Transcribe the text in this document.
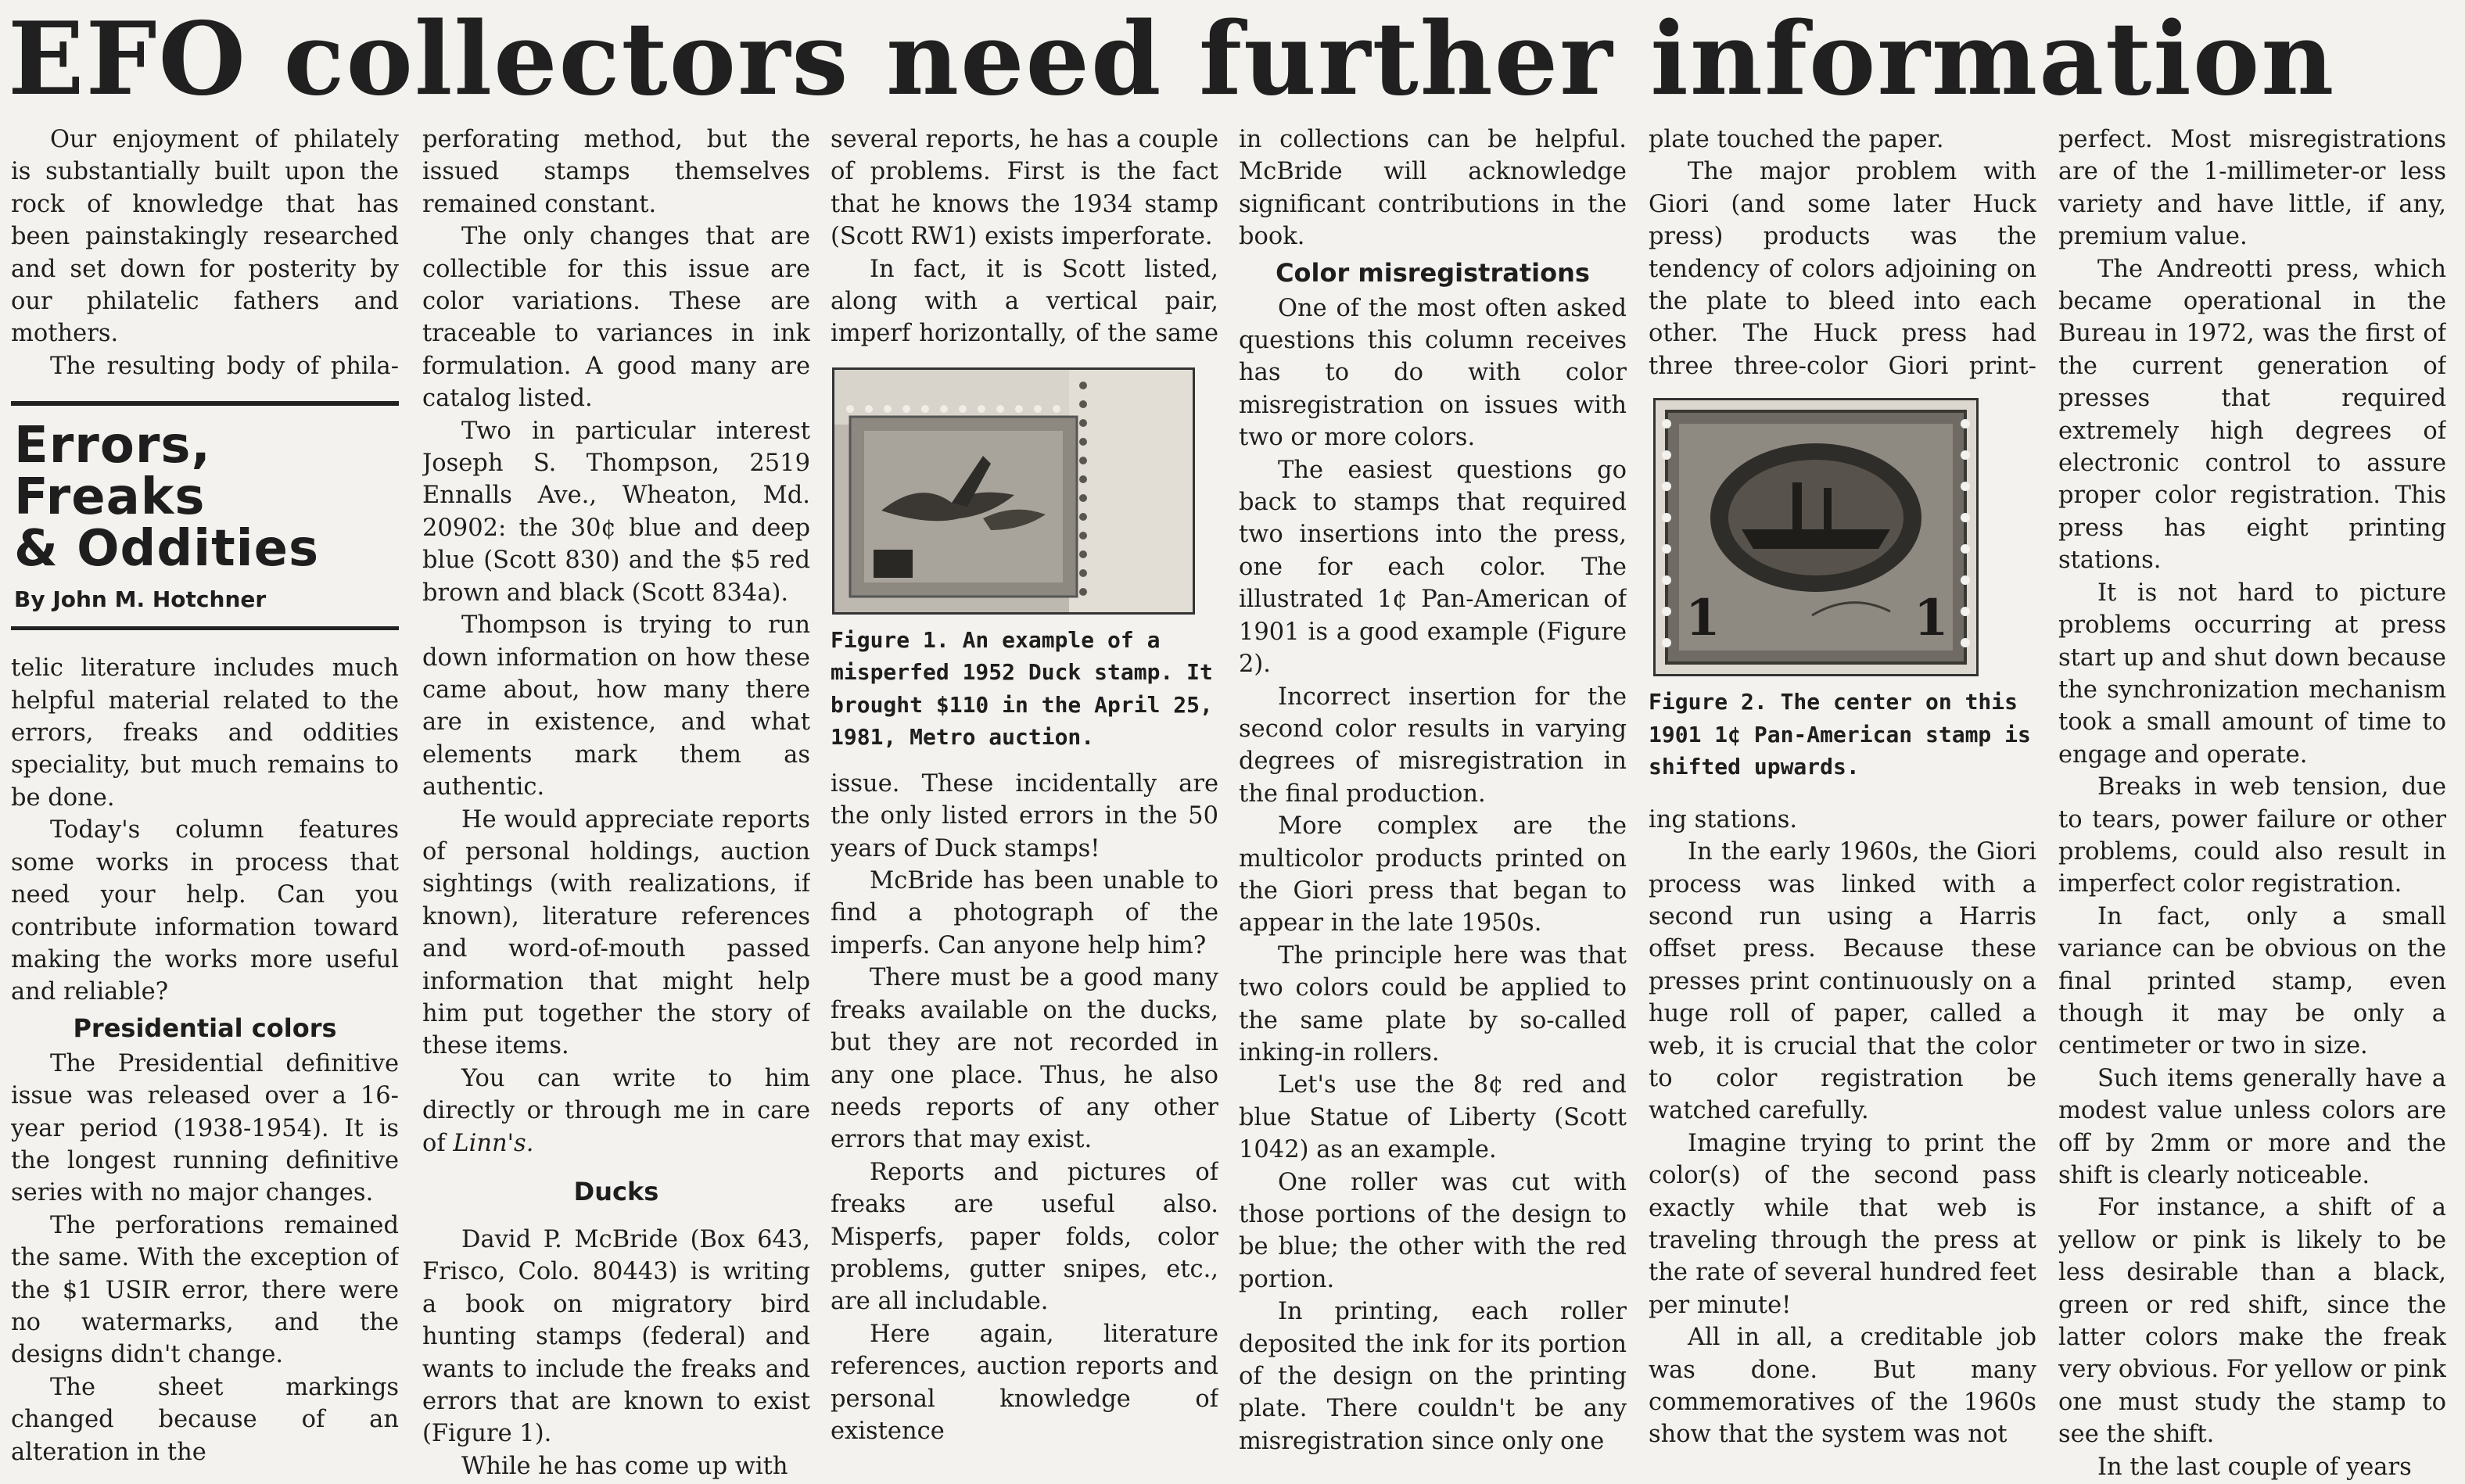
EFO collectors need further information

Our enjoyment of philately is substantially built upon the rock of knowledge that has been painstakingly researched and set down for posterity by our philatelic fathers and mothers.

The resulting body of phila-

Errors,
Freaks
& Oddities
By John M. Hotchner

telic literature includes much helpful material related to the errors, freaks and oddities speciality, but much remains to be done.

Today's column features some works in process that need your help. Can you contribute information toward making the works more useful and reliable?

Presidential colors

The Presidential definitive issue was released over a 16-year period (1938-1954). It is the longest running definitive series with no major changes.

The perforations remained the same. With the exception of the $1 USIR error, there were no watermarks, and the designs didn't change.

The sheet markings changed because of an alteration in the

perforating method, but the issued stamps themselves remained constant.

The only changes that are collectible for this issue are color variations. These are traceable to variances in ink formulation. A good many are catalog listed.

Two in particular interest Joseph S. Thompson, 2519 Ennalls Ave., Wheaton, Md. 20902: the 30¢ blue and deep blue (Scott 830) and the $5 red brown and black (Scott 834a).

Thompson is trying to run down information on how these came about, how many there are in existence, and what elements mark them as authentic.

He would appreciate reports of personal holdings, auction sightings (with realizations, if known), literature references and word-of-mouth passed information that might help him put together the story of these items.

You can write to him directly or through me in care of Linn's.

Ducks

David P. McBride (Box 643, Frisco, Colo. 80443) is writing a book on migratory bird hunting stamps (federal) and wants to include the freaks and errors that are known to exist (Figure 1).

While he has come up with

several reports, he has a couple of problems. First is the fact that he knows the 1934 stamp (Scott RW1) exists imperforate.

In fact, it is Scott listed, along with a vertical pair, imperf horizontally, of the same

Figure 1. An example of a misperfed 1952 Duck stamp. It brought $110 in the April 25, 1981, Metro auction.

issue. These incidentally are the only listed errors in the 50 years of Duck stamps!

McBride has been unable to find a photograph of the imperfs. Can anyone help him?

There must be a good many freaks available on the ducks, but they are not recorded in any one place. Thus, he also needs reports of any other errors that may exist.

Reports and pictures of freaks are useful also. Misperfs, paper folds, color problems, gutter snipes, etc., are all includable.

Here again, literature references, auction reports and personal knowledge of existence

in collections can be helpful. McBride will acknowledge significant contributions in the book.

Color misregistrations

One of the most often asked questions this column receives has to do with color misregistration on issues with two or more colors.

The easiest questions go back to stamps that required two insertions into the press, one for each color. The illustrated 1¢ Pan-American of 1901 is a good example (Figure 2).

Incorrect insertion for the second color results in varying degrees of misregistration in the final production.

More complex are the multicolor products printed on the Giori press that began to appear in the late 1950s.

The principle here was that two colors could be applied to the same plate by so-called inking-in rollers.

Let's use the 8¢ red and blue Statue of Liberty (Scott 1042) as an example.

One roller was cut with those portions of the design to be blue; the other with the red portion.

In printing, each roller deposited the ink for its portion of the design on the printing plate. There couldn't be any misregistration since only one

plate touched the paper.

The major problem with Giori (and some later Huck press) products was the tendency of colors adjoining on the plate to bleed into each other. The Huck press had three three-color Giori print-

1	1
Figure 2. The center on this 1901 1¢ Pan-American stamp is shifted upwards.

ing stations.

In the early 1960s, the Giori process was linked with a second run using a Harris offset press. Because these presses print continuously on a huge roll of paper, called a web, it is crucial that the color to color registration be watched carefully.

Imagine trying to print the color(s) of the second pass exactly while that web is traveling through the press at the rate of several hundred feet per minute!

All in all, a creditable job was done. But many commemoratives of the 1960s show that the system was not

perfect. Most misregistrations are of the 1-millimeter-or less variety and have little, if any, premium value.

The Andreotti press, which became operational in the Bureau in 1972, was the first of the current generation of presses that required extremely high degrees of electronic control to assure proper color registration. This press has eight printing stations.

It is not hard to picture problems occurring at press start up and shut down because the synchronization mechanism took a small amount of time to engage and operate.

Breaks in web tension, due to tears, power failure or other problems, could also result in imperfect color registration.

In fact, only a small variance can be obvious on the final printed stamp, even though it may be only a centimeter or two in size.

Such items generally have a modest value unless colors are off by 2mm or more and the shift is clearly noticeable.

For instance, a shift of a yellow or pink is likely to be less desirable than a black, green or red shift, since the latter colors make the freak very obvious. For yellow or pink one must study the stamp to see the shift.

In the last couple of years
